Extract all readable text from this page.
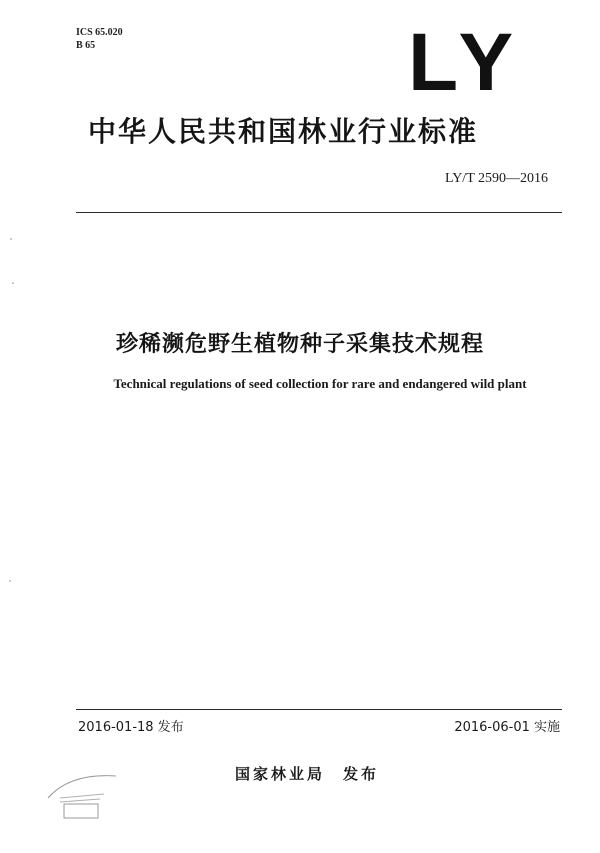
ICS 65.020
B 65	LY
中华人民共和国林业行业标准
LY/T 2590—2016
珍稀濒危野生植物种子采集技术规程
Technical regulations of seed collection for rare and endangered wild plant
2016-01-18 发布	2016-06-01 实施
国家林业局 发布
